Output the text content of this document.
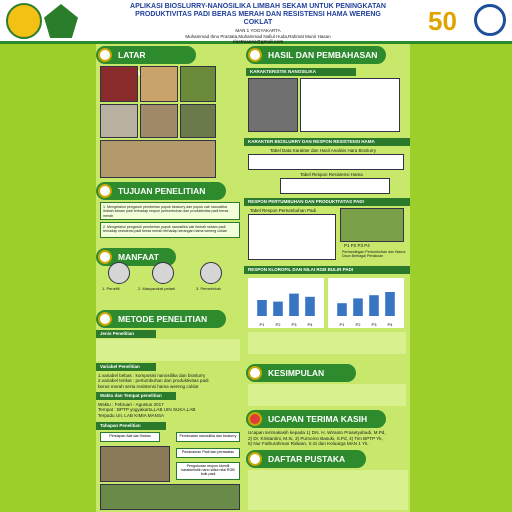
APLIKASI BIOSLURRY-NANOSILIKA LIMBAH SEKAM UNTUK PENINGKATAN
PRODUKTIVITAS PADI BERAS MERAH DAN RESISTENSI HAMA WERENG
COKLAT
MAN 1 YOGYAKARTA
Muhammad Ibnu Prastata,Muhammad Nafiul Huda,Rahmat Munir Hasan
risetmansa@gmail.com
50
LATAR
TUJUAN PENELITIAN
1. Mengetahui pengaruh pemberian pupuk bioslurry dan pupuk cair nanosilika limbah sekam padi terhadap respon pertumbuhan dan produktivitas padi beras merah
2. Mengetahui pengaruh pemberian pupuk nanosilika cair limbah sekam padi terhadap resistensi padi beras merah terhadap serangan hama wereng coklat
MANFAAT
1. Peneliti	2. Masyarakat petani	3. Pemerintah
METODE PENELITIAN
Jenis Penelitian
Variabel Penelitian
1.variabel bebas : komposisi nanosilika dan bioslurry
2.variabel terikat : pertumbuhan dan produktivitas padi
beras merah serta resistensi hama wereng coklat
Waktu dan Tempat penelitian
Waktu : Februari - Agustus 2017
Tempat : BPTP yogyakarta,LAB UIN SUKA,LAB
Terpadu UII, LAB KIMIA MANSA
Tahapan Penelitian
Persiapan Alat dan Bahan	Pembuatan nanosilika dan bioslurry
Penanaman Padi dan perawatan
Pengukuran respon klorofil karakteristik nano silika nilai RGB bulir padi
HASIL DAN PEMBAHASAN
KARAKTERISTIK NANOSILIKA
KARAKTER BIOSLURRY DAN RESPON RESISTENSI HAMA
Tabel Data Karakter dan Hasil Analisis Hara Bioslurry
Tabel Respon Resistensi Hama
RESPON PERTUMBUHAN DAN PRODUKTIVITAS PADI
Tabel Respon Pertumbuhan Padi
P1 P2 P3 P4
Perbandingan Pertumbuhan dan Warna Daun Berbagai Perlakuan
RESPON KLOROFIL DAN NILAI RGB BULIR PADI
P1	P2	P3	P4	P1	P2	P3	P4
KESIMPULAN
UCAPAN TERIMA KASIH
Ucapan terimakasih kepada 1) Drs. H. Wiranto Prasetyahadi, M.Pd,
2) Dr. Kristantini, M.Si, 3) Purnomo Basuki, S.Pd, 4) Tim BPTP Yk,
5) Nur Fathurahman Ridwan, S.Si dan Keluarga MAN 1 Yk.
DAFTAR PUSTAKA
